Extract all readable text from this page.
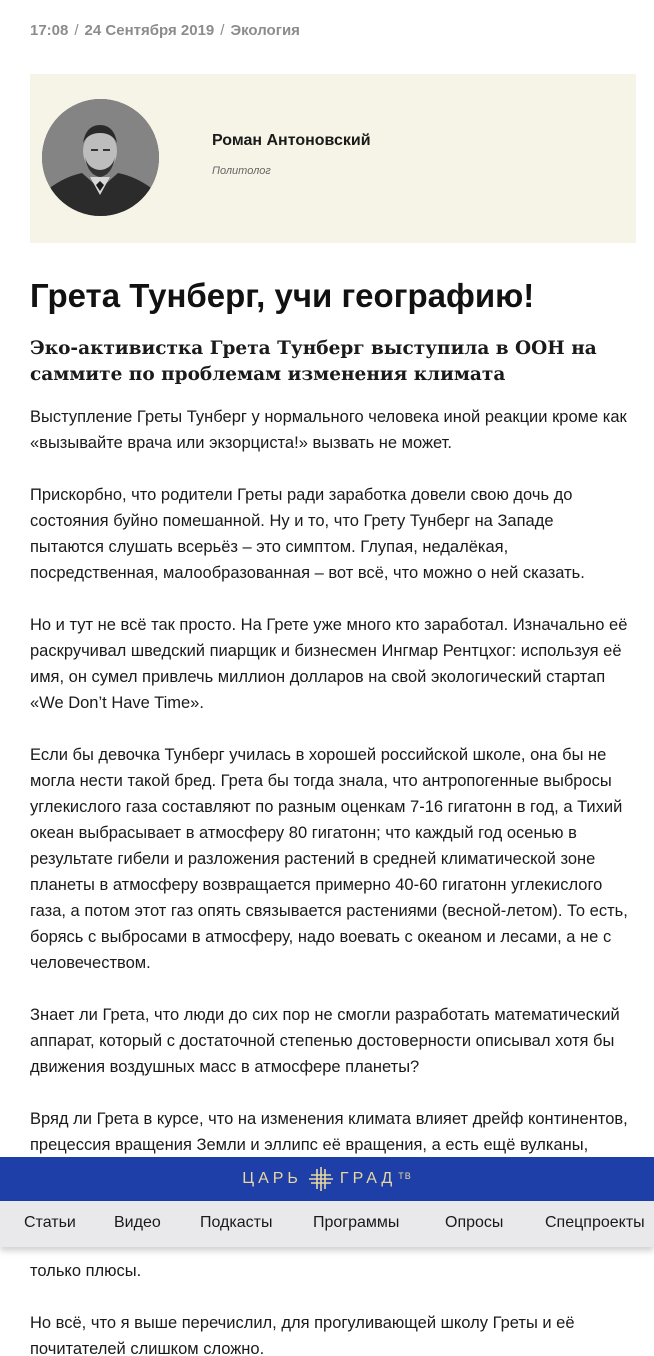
17:08 / 24 Сентября 2019 / Экология
Роман Антоновский
Политолог
Грета Тунберг, учи географию!
Эко-активистка Грета Тунберг выступила в ООН на саммите по проблемам изменения климата

Выступление Греты Тунберг у нормального человека иной реакции кроме как «вызывайте врача или экзорциста!» вызвать не может.

Прискорбно, что родители Греты ради заработка довели свою дочь до состояния буйно помешанной. Ну и то, что Грету Тунберг на Западе пытаются слушать всерьёз – это симптом. Глупая, недалёкая, посредственная, малообразованная – вот всё, что можно о ней сказать.

Но и тут не всё так просто. На Грете уже много кто заработал. Изначально её раскручивал шведский пиарщик и бизнесмен Ингмар Рентцхог: используя её имя, он сумел привлечь миллион долларов на свой экологический стартап «We Don’t Have Time».

Если бы девочка Тунберг училась в хорошей российской школе, она бы не могла нести такой бред. Грета бы тогда знала, что антропогенные выбросы углекислого газа составляют по разным оценкам 7-16 гигатонн в год, а Тихий океан выбрасывает в атмосферу 80 гигатонн; что каждый год осенью в результате гибели и разложения растений в средней климатической зоне планеты в атмосферу возвращается примерно 40-60 гигатонн углекислого газа, а потом этот газ опять связывается растениями (весной-летом). То есть, борясь с выбросами в атмосферу, надо воевать с океаном и лесами, а не с человечеством.

Знает ли Грета, что люди до сих пор не смогли разработать математический аппарат, который с достаточной степенью достоверности описывал хотя бы движения воздушных масс в атмосфере планеты?

Вряд ли Грета в курсе, что на изменения климата влияет дрейф континентов, прецессия вращения Земли и эллипс её вращения, а есть ещё вулканы,

только плюсы.

Но всё, что я выше перечислил, для прогуливающей школу Греты и её почитателей слишком сложно.

ЦАРЬ ГРАД ТВ
Статьи Видео Подкасты	Программы	Опросы	Спецпроекты
